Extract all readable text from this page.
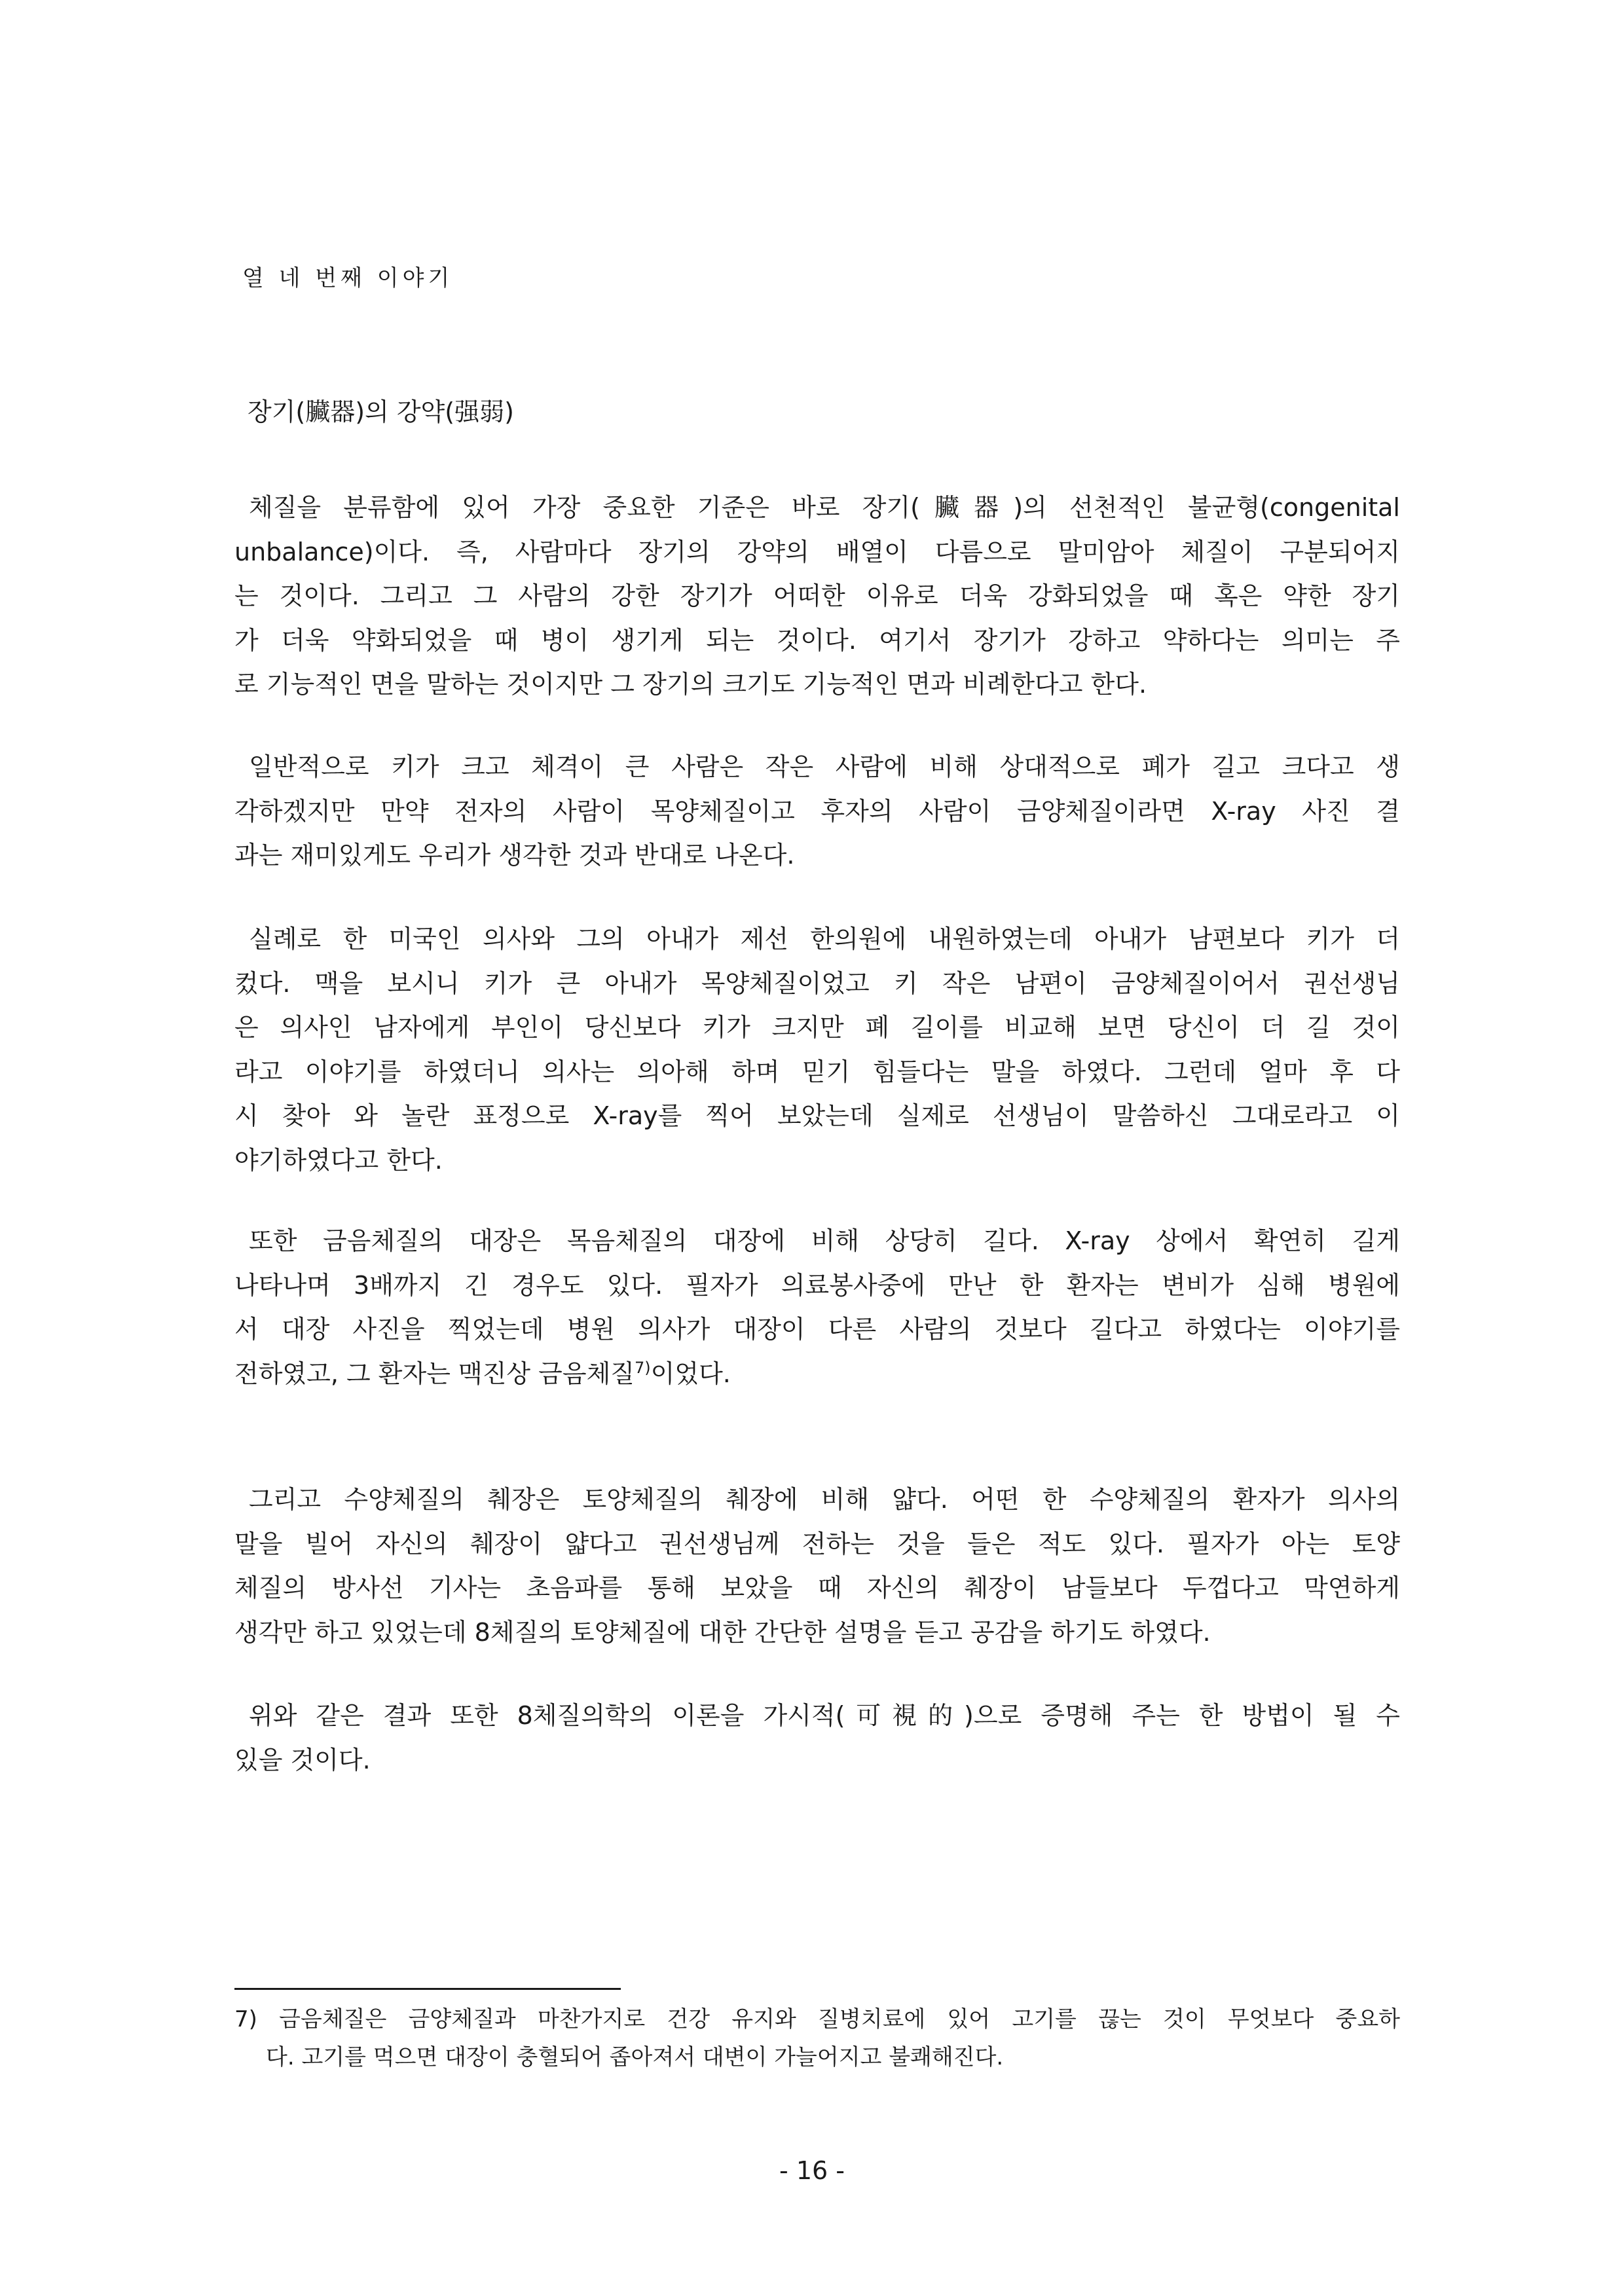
열 네 번째 이야기
장기(臟器)의 강약(强弱)
체질을 분류함에 있어 가장 중요한 기준은 바로 장기(臟器)의 선천적인 불균형(congenital
unbalance)이다. 즉, 사람마다 장기의 강약의 배열이 다름으로 말미암아 체질이 구분되어지
는 것이다. 그리고 그 사람의 강한 장기가 어떠한 이유로 더욱 강화되었을 때 혹은 약한 장기
가 더욱 약화되었을 때 병이 생기게 되는 것이다. 여기서 장기가 강하고 약하다는 의미는 주
로 기능적인 면을 말하는 것이지만 그 장기의 크기도 기능적인 면과 비례한다고 한다.
일반적으로 키가 크고 체격이 큰 사람은 작은 사람에 비해 상대적으로 폐가 길고 크다고 생
각하겠지만 만약 전자의 사람이 목양체질이고 후자의 사람이 금양체질이라면 X-ray 사진 결
과는 재미있게도 우리가 생각한 것과 반대로 나온다.
실례로 한 미국인 의사와 그의 아내가 제선 한의원에 내원하였는데 아내가 남편보다 키가 더
컸다. 맥을 보시니 키가 큰 아내가 목양체질이었고 키 작은 남편이 금양체질이어서 권선생님
은 의사인 남자에게 부인이 당신보다 키가 크지만 폐 길이를 비교해 보면 당신이 더 길 것이
라고 이야기를 하였더니 의사는 의아해 하며 믿기 힘들다는 말을 하였다. 그런데 얼마 후 다
시 찾아 와 놀란 표정으로 X-ray를 찍어 보았는데 실제로 선생님이 말씀하신 그대로라고 이
야기하였다고 한다.
또한 금음체질의 대장은 목음체질의 대장에 비해 상당히 길다. X-ray 상에서 확연히 길게
나타나며 3배까지 긴 경우도 있다. 필자가 의료봉사중에 만난 한 환자는 변비가 심해 병원에
서 대장 사진을 찍었는데 병원 의사가 대장이 다른 사람의 것보다 길다고 하였다는 이야기를
전하였고, 그 환자는 맥진상 금음체질$^{7)}$이었다.
그리고 수양체질의 췌장은 토양체질의 췌장에 비해 얇다. 어떤 한 수양체질의 환자가 의사의
말을 빌어 자신의 췌장이 얇다고 권선생님께 전하는 것을 들은 적도 있다. 필자가 아는 토양
체질의 방사선 기사는 초음파를 통해 보았을 때 자신의 췌장이 남들보다 두껍다고 막연하게
생각만 하고 있었는데 8체질의 토양체질에 대한 간단한 설명을 듣고 공감을 하기도 하였다.
위와 같은 결과 또한 8체질의학의 이론을 가시적(可視的)으로 증명해 주는 한 방법이 될 수
있을 것이다.
7) 금음체질은 금양체질과 마찬가지로 건강 유지와 질병치료에 있어 고기를 끊는 것이 무엇보다 중요하
다. 고기를 먹으면 대장이 충혈되어 좁아져서 대변이 가늘어지고 불쾌해진다.
- 16 -
